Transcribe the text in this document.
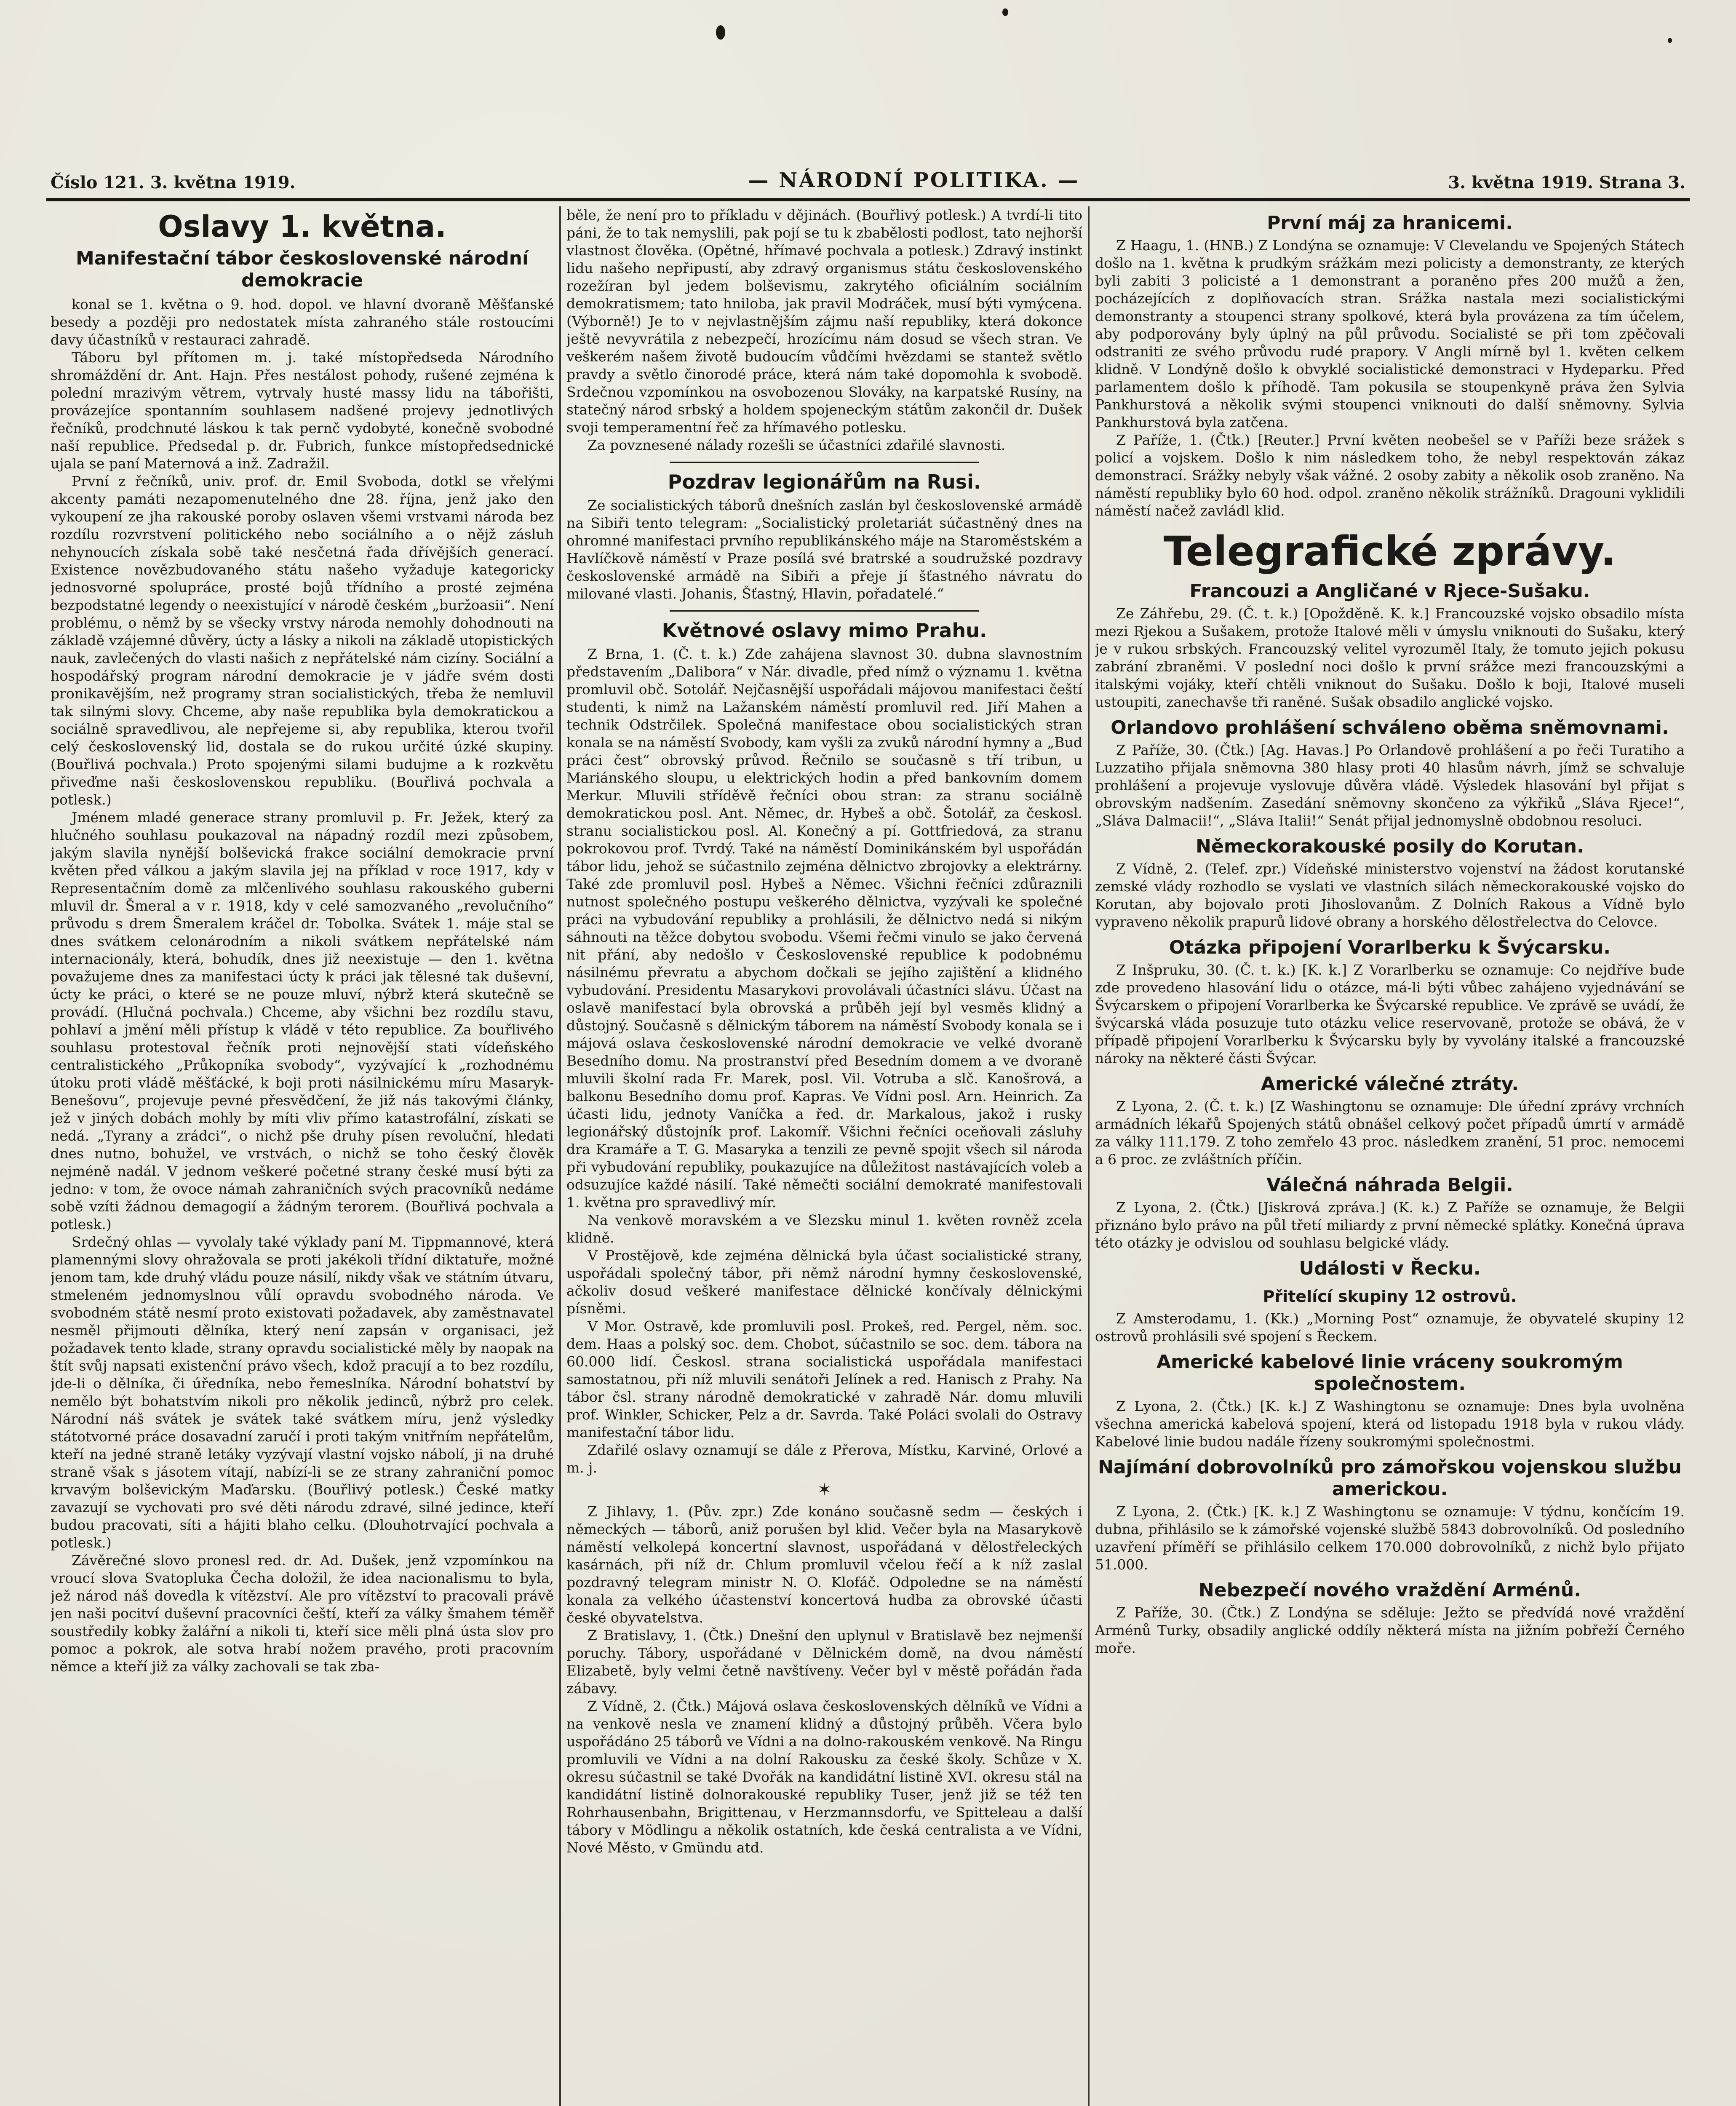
Číslo 121. 3. května 1919.	— NÁRODNÍ POLITIKA. —	3. května 1919. Strana 3.
Oslavy 1. května.
Manifestační tábor československé národní demokracie

konal se 1. května o 9. hod. dopol. ve hlavní dvoraně Měšťanské besedy a později pro nedostatek místa zahraného stále rostoucími davy účastníků v restauraci zahradě.

Táboru byl přítomen m. j. také místopředseda Národního shromáždění dr. Ant. Hajn. Přes nestálost pohody, rušené zejména k polední mrazivým větrem, vytrvaly husté massy lidu na tábořišti, provázejíce spontanním souhlasem nadšené projevy jednotlivých řečníků, prodchnuté láskou k tak pernč vydobyté, konečně svobodné naší republice. Předsedal p. dr. Fubrich, funkce místopředsednické ujala se paní Maternová a inž. Zadražil.

První z řečníků, univ. prof. dr. Emil Svoboda, dotkl se vřelými akcenty památi nezapomenutelného dne 28. října, jenž jako den vykoupení ze jha rakouské poroby oslaven všemi vrstvami národa bez rozdílu rozvrstvení politického nebo sociálního a o nějž zásluh nehynoucích získala sobě také nesčetná řada dřívějších generací. Existence novězbudovaného státu našeho vyžaduje kategoricky jednosvorné spolupráce, prosté bojů třídního a prosté zejména bezpodstatné legendy o neexistující v národě českém „buržoasii“. Není problému, o němž by se všecky vrstvy národa nemohly dohodnouti na základě vzájemné důvěry, úcty a lásky a nikoli na základě utopistických nauk, zavlečených do vlasti našich z nepřátelské nám cizíny. Sociální a hospodářský program národní demokracie je v jádře svém dosti pronikavějším, než programy stran socialistických, třeba že nemluvil tak silnými slovy. Chceme, aby naše republika byla demokratickou a sociálně spravedlivou, ale nepřejeme si, aby republika, kterou tvořil celý československý lid, dostala se do rukou určité úzké skupiny. (Bouřlivá pochvala.) Proto spojenými silami budujme a k rozkvětu přiveďme naši československou republiku. (Bouřlivá pochvala a potlesk.)

Jménem mladé generace strany promluvil p. Fr. Ježek, který za hlučného souhlasu poukazoval na nápadný rozdíl mezi způsobem, jakým slavila nynější bolševická frakce sociální demokracie první květen před válkou a jakým slavila jej na příklad v roce 1917, kdy v Representačním domě za mlčenlivého souhlasu rakouského guberni mluvil dr. Šmeral a v r. 1918, kdy v celé samozvaného „revolučního“ průvodu s drem Šmeralem kráčel dr. Tobolka. Svátek 1. máje stal se dnes svátkem celonárodním a nikoli svátkem nepřátelské nám internacionály, která, bohudík, dnes již neexistuje — den 1. května považujeme dnes za manifestaci úcty k práci jak tělesné tak duševní, úcty ke práci, o které se ne pouze mluví, nýbrž která skutečně se provádí. (Hlučná pochvala.) Chceme, aby všichni bez rozdílu stavu, pohlaví a jmění měli přístup k vládě v této republice. Za bouřlivého souhlasu protestoval řečník proti nejnovější stati vídeňského centralistického „Průkopníka svobody“, vyzývající k „rozhodnému útoku proti vládě měšťácké, k boji proti násilnickému míru Masaryk-Benešovu“, projevuje pevné přesvědčení, že již nás takovými články, jež v jiných dobách mohly by míti vliv přímo katastrofální, získati se nedá. „Tyrany a zrádci“, o nichž pše druhy písen revoluční, hledati dnes nutno, bohužel, ve vrstvách, o nichž se toho český člověk nejméně nadál. V jednom veškeré početné strany české musí býti za jedno: v tom, že ovoce námah zahraničních svých pracovníků nedáme sobě vzíti žádnou demagogií a žádným terorem. (Bouřlivá pochvala a potlesk.)

Srdečný ohlas — vyvolaly také výklady paní M. Tippmannové, která plamennými slovy ohražovala se proti jakékoli třídní diktatuře, možné jenom tam, kde druhý vládu pouze násilí, nikdy však ve státním útvaru, stmeleném jednomyslnou vůlí opravdu svobodného národa. Ve svobodném státě nesmí proto existovati požadavek, aby zaměstnavatel nesměl přijmouti dělníka, který není zapsán v organisaci, jež požadavek tento klade, strany opravdu socialistické měly by naopak na štít svůj napsati existenční právo všech, kdož pracují a to bez rozdílu, jde-li o dělníka, či úředníka, nebo řemeslníka. Národní bohatství by nemělo být bohatstvím nikoli pro několik jedinců, nýbrž pro celek. Národní náš svátek je svátek také svátkem míru, jenž výsledky státotvorné práce dosavadní zaručí i proti takým vnitřním nepřátelům, kteří na jedné straně letáky vyzývají vlastní vojsko nábolí, ji na druhé straně však s jásotem vítají, nabízí-li se ze strany zahraniční pomoc krvavým bolševickým Maďarsku. (Bouřlivý potlesk.) České matky zavazují se vychovati pro své děti národu zdravé, silné jedince, kteří budou pracovati, síti a hájiti blaho celku. (Dlouhotrvající pochvala a potlesk.)

Závěrečné slovo pronesl red. dr. Ad. Dušek, jenž vzpomínkou na vroucí slova Svatopluka Čecha doložil, že idea nacionalismu to byla, jež národ náš dovedla k vítězství. Ale pro vítězství to pracovali právě jen naši pocitví duševní pracovníci čeští, kteří za války šmahem téměř soustředily kobky žalářní a nikoli ti, kteří sice měli plná ústa slov pro pomoc a pokrok, ale sotva hrabí nožem pravého, proti pracovním němce a kteří již za války zachovali se tak zba-

běle, že není pro to příkladu v dějinách. (Bouřlivý potlesk.) A tvrdí-li tito páni, že to tak nemyslili, pak pojí se tu k zbabělosti podlost, tato nejhorší vlastnost člověka. (Opětné, hřímavé pochvala a potlesk.) Zdravý instinkt lidu našeho nepřipustí, aby zdravý organismus státu československého rozežíran byl jedem bolševismu, zakrytého oficiálním sociálním demokratismem; tato hniloba, jak pravil Modráček, musí býti vymýcena. (Výborně!) Je to v nejvlastnějším zájmu naší republiky, která dokonce ještě nevyvrátila z nebezpečí, hrozícímu nám dosud se všech stran. Ve veškerém našem životě budoucím vůdčími hvězdami se stantež světlo pravdy a světlo činorodé práce, která nám také dopomohla k svobodě. Srdečnou vzpomínkou na osvobozenou Slováky, na karpatské Rusíny, na statečný národ srbský a holdem spojeneckým státům zakončil dr. Dušek svoji temperamentní řeč za hřímavého potlesku.

Za povznesené nálady rozešli se účastníci zdařilé slavnosti.

Pozdrav legionářům na Rusi.

Ze socialistických táborů dnešních zaslán byl československé armádě na Sibiři tento telegram: „Socialistický proletariát súčastněný dnes na ohromné manifestaci prvního republikánského máje na Staroměstském a Havlíčkově náměstí v Praze posílá své bratrské a soudružské pozdravy československé armádě na Sibiři a přeje jí šťastného návratu do milované vlasti. Johanis, Šťastný, Hlavin, pořadatelé.“

Květnové oslavy mimo Prahu.

Z Brna, 1. (Č. t. k.) Zde zahájena slavnost 30. dubna slavnostním představením „Dalibora“ v Nár. divadle, před nímž o významu 1. května promluvil obč. Sotolář. Nejčasnější uspořádali májovou manifestaci čeští studenti, k nimž na Lažanském náměstí promluvil red. Jiří Mahen a technik Odstrčilek. Společná manifestace obou socialistických stran konala se na náměstí Svobody, kam vyšli za zvuků národní hymny a „Buď práci čest“ obrovský průvod. Řečnilo se současně s tří tribun, u Mariánského sloupu, u elektrických hodin a před bankovním domem Merkur. Mluvili stříděvě řečníci obou stran: za stranu sociálně demokratickou posl. Ant. Němec, dr. Hybeš a obč. Šotolář, za českosl. stranu socialistickou posl. Al. Konečný a pí. Gottfriedová, za stranu pokrokovou prof. Tvrdý. Také na náměstí Dominikánském byl uspořádán tábor lidu, jehož se súčastnilo zejména dělnictvo zbrojovky a elektrárny. Také zde promluvil posl. Hybeš a Němec. Všichni řečníci zdůraznili nutnost společného postupu veškerého dělnictva, vyzývali ke společné práci na vybudování republiky a prohlásili, že dělnictvo nedá si nikým sáhnouti na těžce dobytou svobodu. Všemi řečmi vinulo se jako červená nit přání, aby nedošlo v Československé republice k podobnému násilnému převratu a abychom dočkali se jejího zajištění a klidného vybudování. Presidentu Masarykovi provolávali účastníci slávu. Účast na oslavě manifestací byla obrovská a průběh její byl vesměs klidný a důstojný. Současně s dělnickým táborem na náměstí Svobody konala se i májová oslava československé národní demokracie ve velké dvoraně Besedního domu. Na prostranství před Besedním domem a ve dvoraně mluvili školní rada Fr. Marek, posl. Vil. Votruba a slč. Kanošrová, a balkonu Besedního domu prof. Kapras. Ve Vídni posl. Arn. Heinrich. Za účasti lidu, jednoty Vaníčka a řed. dr. Markalous, jakož i rusky legionářský důstojník prof. Lakomíř. Všichni řečníci oceňovali zásluhy dra Kramáře a T. G. Masaryka a tenzili ze pevně spojit všech sil národa při vybudování republiky, poukazujíce na důležitost nastávajících voleb a odsuzujíce každé násilí. Také němečti sociální demokraté manifestovali 1. května pro spravedlivý mír.

Na venkově moravském a ve Slezsku minul 1. květen rovněž zcela klidně.

V Prostějově, kde zejména dělnická byla účast socialistické strany, uspořádali společný tábor, při němž národní hymny československé, ačkoliv dosud veškeré manifestace dělnické končívaly dělnickými písněmi.

V Mor. Ostravě, kde promluvili posl. Prokeš, red. Pergel, něm. soc. dem. Haas a polský soc. dem. Chobot, súčastnilo se soc. dem. tábora na 60.000 lidí. Českosl. strana socialistická uspořádala manifestaci samostatnou, při níž mluvili senátoři Jelínek a red. Hanisch z Prahy. Na tábor čsl. strany národně demokratické v zahradě Nár. domu mluvili prof. Winkler, Schicker, Pelz a dr. Savrda. Také Poláci svolali do Ostravy manifestační tábor lidu.

Zdařilé oslavy oznamují se dále z Přerova, Místku, Karviné, Orlové a m. j.

✶

Z Jihlavy, 1. (Pův. zpr.) Zde konáno současně sedm — českých i německých — táborů, aniž porušen byl klid. Večer byla na Masarykově náměstí velkolepá koncertní slavnost, uspořádaná v dělostřeleckých kasárnách, při níž dr. Chlum promluvil včelou řečí a k níž zaslal pozdravný telegram ministr N. O. Klofáč. Odpoledne se na náměstí konala za velkého účastenství koncertová hudba za obrovské účasti české obyvatelstva.

Z Bratislavy, 1. (Čtk.) Dnešní den uplynul v Bratislavě bez nejmenší poruchy. Tábory, uspořádané v Dělnickém domě, na dvou náměstí Elizabetě, byly velmi četně navštíveny. Večer byl v městě pořádán řada zábavy.

Z Vídně, 2. (Čtk.) Májová oslava československých dělníků ve Vídni a na venkově nesla ve znamení klidný a důstojný průběh. Včera bylo uspořádáno 25 táborů ve Vídni a na dolno-rakouském venkově. Na Ringu promluvili ve Vídni a na dolní Rakousku za české školy. Schůze v X. okresu súčastnil se také Dvořák na kandidátní listině XVI. okresu stál na kandidátní listině dolnorakouské republiky Tuser, jenž již se též ten Rohrhausenbahn, Brigittenau, v Herzmannsdorfu, ve Spitteleau a další tábory v Mödlingu a několik ostatních, kde česká centralista a ve Vídni, Nové Město, v Gmündu atd.

První máj za hranicemi.

Z Haagu, 1. (HNB.) Z Londýna se oznamuje: V Clevelandu ve Spojených Státech došlo na 1. května k prudkým srážkám mezi policisty a demonstranty, ze kterých byli zabiti 3 policisté a 1 demonstrant a poraněno přes 200 mužů a žen, pocházejících z doplňovacích stran. Srážka nastala mezi socialistickými demonstranty a stoupenci strany spolkové, která byla provázena za tím účelem, aby podporovány byly úplný na půl průvodu. Socialisté se při tom zpěčovali odstraniti ze svého průvodu rudé prapory. V Angli mírně byl 1. květen celkem klidně. V Londýně došlo k obvyklé socialistické demonstraci v Hydeparku. Před parlamentem došlo k příhodě. Tam pokusila se stoupenkyně práva žen Sylvia Pankhurstová a několik svými stoupenci vniknouti do další sněmovny. Sylvia Pankhurstová byla zatčena.

Z Paříže, 1. (Čtk.) [Reuter.] První květen neobešel se v Paříži beze srážek s policí a vojskem. Došlo k nim následkem toho, že nebyl respektován zákaz demonstrací. Srážky nebyly však vážné. 2 osoby zabity a několik osob zraněno. Na náměstí republiky bylo 60 hod. odpol. zraněno několik strážníků. Dragouni vyklidili náměstí načež zavládl klid.

Telegrafické zprávy.
Francouzi a Angličané v Rjece-Sušaku.

Ze Záhřebu, 29. (Č. t. k.) [Opožděně. K. k.] Francouzské vojsko obsadilo místa mezi Rjekou a Sušakem, protože Italové měli v úmyslu vniknouti do Sušaku, který je v rukou srbských. Francouzský velitel vyrozuměl Italy, že tomuto jejich pokusu zabrání zbraněmi. V poslední noci došlo k první srážce mezi francouzskými a italskými vojáky, kteří chtěli vniknout do Sušaku. Došlo k boji, Italové museli ustoupiti, zanechavše tři raněné. Sušak obsadilo anglické vojsko.

Orlandovo prohlášení schváleno oběma sněmovnami.

Z Paříže, 30. (Čtk.) [Ag. Havas.] Po Orlandově prohlášení a po řeči Turatiho a Luzzatiho přijala sněmovna 380 hlasy proti 40 hlasům návrh, jímž se schvaluje prohlášení a projevuje vyslovuje důvěra vládě. Výsledek hlasování byl přijat s obrovským nadšením. Zasedání sněmovny skončeno za výkřiků „Sláva Rjece!“, „Sláva Dalmacii!“, „Sláva Italii!“ Senát přijal jednomyslně obdobnou resoluci.

Německorakouské posily do Korutan.

Z Vídně, 2. (Telef. zpr.) Vídeňské ministerstvo vojenství na žádost korutanské zemské vlády rozhodlo se vyslati ve vlastních silách německorakouské vojsko do Korutan, aby bojovalo proti Jihoslovanům. Z Dolních Rakous a Vídně bylo vypraveno několik prapurů lidové obrany a horského dělostřelectva do Celovce.

Otázka připojení Vorarlberku k Švýcarsku.

Z Inšpruku, 30. (Č. t. k.) [K. k.] Z Vorarlberku se oznamuje: Co nejdříve bude zde provedeno hlasování lidu o otázce, má-li býti vůbec zahájeno vyjednávání se Švýcarskem o připojení Vorarlberka ke Švýcarské republice. Ve zprávě se uvádí, že švýcarská vláda posuzuje tuto otázku velice reservovaně, protože se obává, že v případě připojení Vorarlberku k Švýcarsku byly by vyvolány italské a francouzské nároky na některé části Švýcar.

Americké válečné ztráty.

Z Lyona, 2. (Č. t. k.) [Z Washingtonu se oznamuje: Dle úřední zprávy vrchních armádních lékařů Spojených států obnášel celkový počet případů úmrtí v armádě za války 111.179. Z toho zemřelo 43 proc. následkem zranění, 51 proc. nemocemi a 6 proc. ze zvláštních příčin.

Válečná náhrada Belgii.

Z Lyona, 2. (Čtk.) [Jiskrová zpráva.] (K. k.) Z Paříže se oznamuje, že Belgii přiznáno bylo právo na půl třetí miliardy z první německé splátky. Konečná úprava této otázky je odvislou od souhlasu belgické vlády.

Události v Řecku.
Přitelící skupiny 12 ostrovů.

Z Amsterodamu, 1. (Kk.) „Morning Post“ oznamuje, že obyvatelé skupiny 12 ostrovů prohlásili své spojení s Řeckem.

Americké kabelové linie vráceny soukromým společnostem.

Z Lyona, 2. (Čtk.) [K. k.] Z Washingtonu se oznamuje: Dnes byla uvolněna všechna americká kabelová spojení, která od listopadu 1918 byla v rukou vlády. Kabelové linie budou nadále řízeny soukromými společnostmi.

Najímání dobrovolníků pro zámořskou vojenskou službu americkou.

Z Lyona, 2. (Čtk.) [K. k.] Z Washingtonu se oznamuje: V týdnu, končícím 19. dubna, přihlásilo se k zámořské vojenské službě 5843 dobrovolníků. Od posledního uzavření příměří se přihlásilo celkem 170.000 dobrovolníků, z nichž bylo přijato 51.000.

Nebezpečí nového vraždění Arménů.

Z Paříže, 30. (Čtk.) Z Londýna se sděluje: Ježto se předvídá nové vraždění Arménů Turky, obsadily anglické oddíly některá místa na jižním pobřeží Černého moře.
